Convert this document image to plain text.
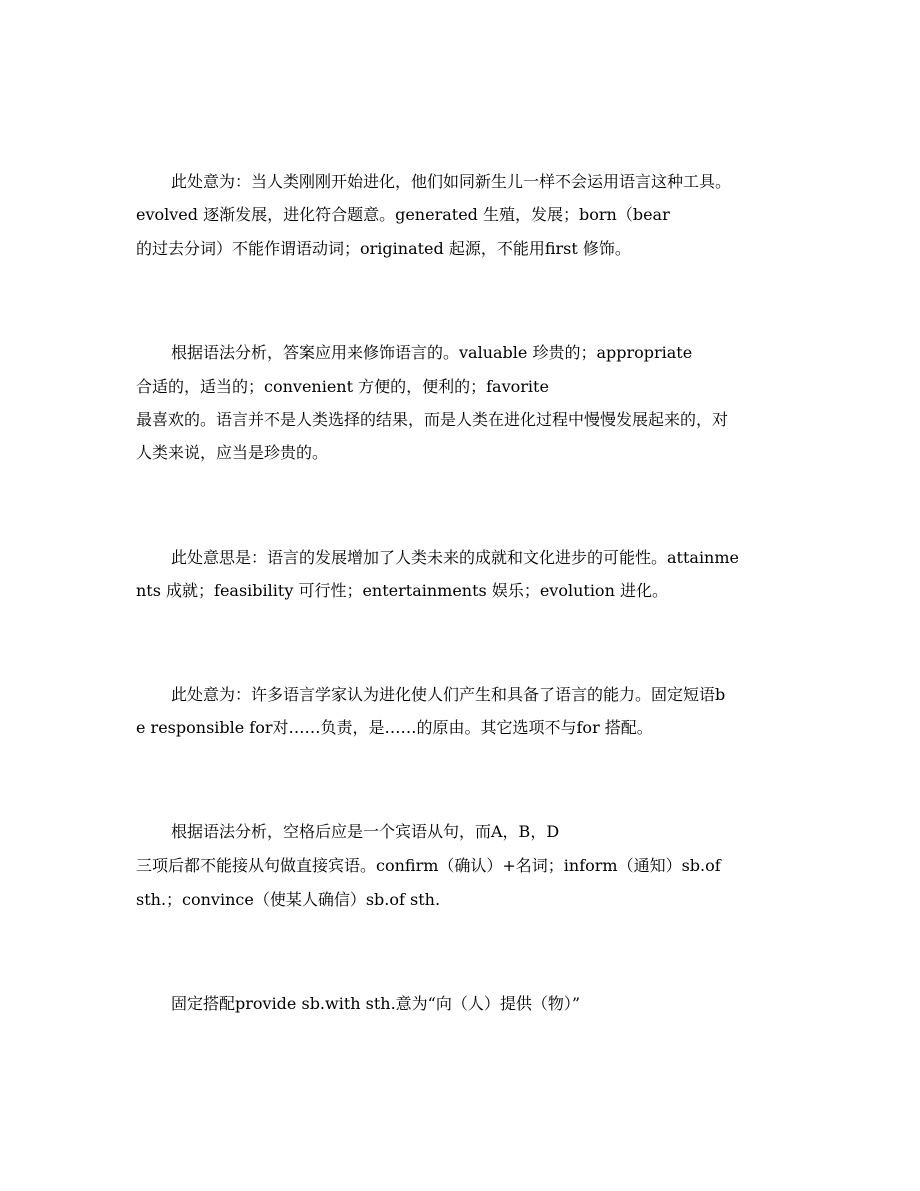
此处意为：当人类刚刚开始进化，他们如同新生儿一样不会运用语言这种工具。
evolved 逐渐发展，进化符合题意。generated 生殖，发展；born（bear
的过去分词）不能作谓语动词；originated 起源，不能用first 修饰。
根据语法分析，答案应用来修饰语言的。valuable 珍贵的；appropriate
合适的，适当的；convenient 方便的，便利的；favorite
最喜欢的。语言并不是人类选择的结果，而是人类在进化过程中慢慢发展起来的，对
人类来说，应当是珍贵的。
此处意思是：语言的发展增加了人类未来的成就和文化进步的可能性。attainme
nts 成就；feasibility 可行性；entertainments 娱乐；evolution 进化。
此处意为：许多语言学家认为进化使人们产生和具备了语言的能力。固定短语b
e responsible for对……负责，是……的原由。其它选项不与for 搭配。
根据语法分析，空格后应是一个宾语从句，而A，B，D
三项后都不能接从句做直接宾语。confirm（确认）+名词；inform（通知）sb.of
sth.；convince（使某人确信）sb.of sth.
固定搭配provide sb.with sth.意为“向（人）提供（物）”
